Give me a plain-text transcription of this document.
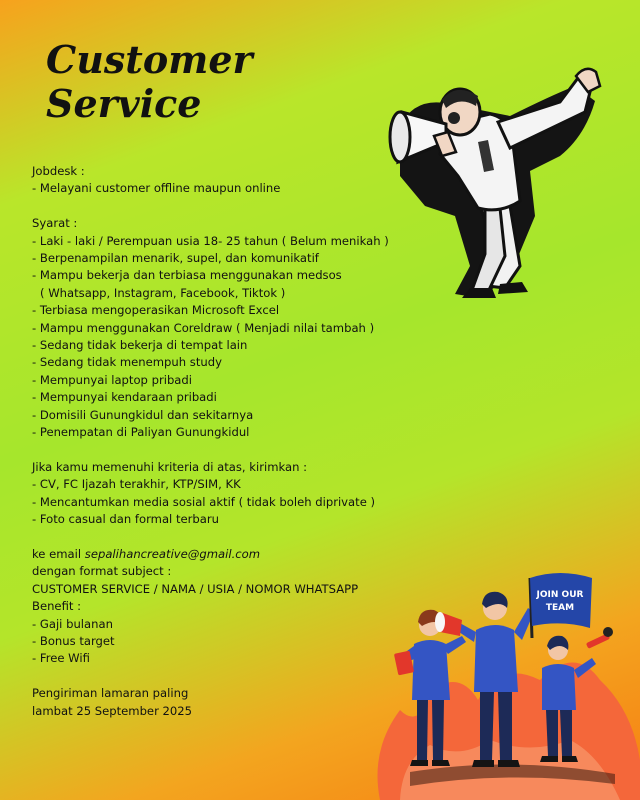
Customer
Service

Jobdesk :

- Melayani customer offline maupun online

Syarat :

- Laki - laki / Perempuan usia 18- 25 tahun ( Belum menikah )

- Berpenampilan menarik, supel, dan komunikatif

- Mampu bekerja dan terbiasa menggunakan medsos

( Whatsapp, Instagram, Facebook, Tiktok )

- Terbiasa mengoperasikan Microsoft Excel

- Mampu menggunakan Coreldraw ( Menjadi nilai tambah )

- Sedang tidak bekerja di tempat lain

- Sedang tidak menempuh study

- Mempunyai laptop pribadi

- Mempunyai kendaraan pribadi

- Domisili Gunungkidul dan sekitarnya

- Penempatan di Paliyan Gunungkidul

Jika kamu memenuhi kriteria di atas, kirimkan :

- CV, FC Ijazah terakhir, KTP/SIM, KK

- Mencantumkan media sosial aktif ( tidak boleh diprivate )

- Foto casual dan formal terbaru

ke email sepalihancreative@gmail.com

dengan format subject :

CUSTOMER SERVICE / NAMA / USIA / NOMOR WHATSAPP

Benefit :

- Gaji bulanan

- Bonus target

- Free Wifi

Pengiriman lamaran paling

lambat 25 September 2025

JOIN OUR
TEAM
